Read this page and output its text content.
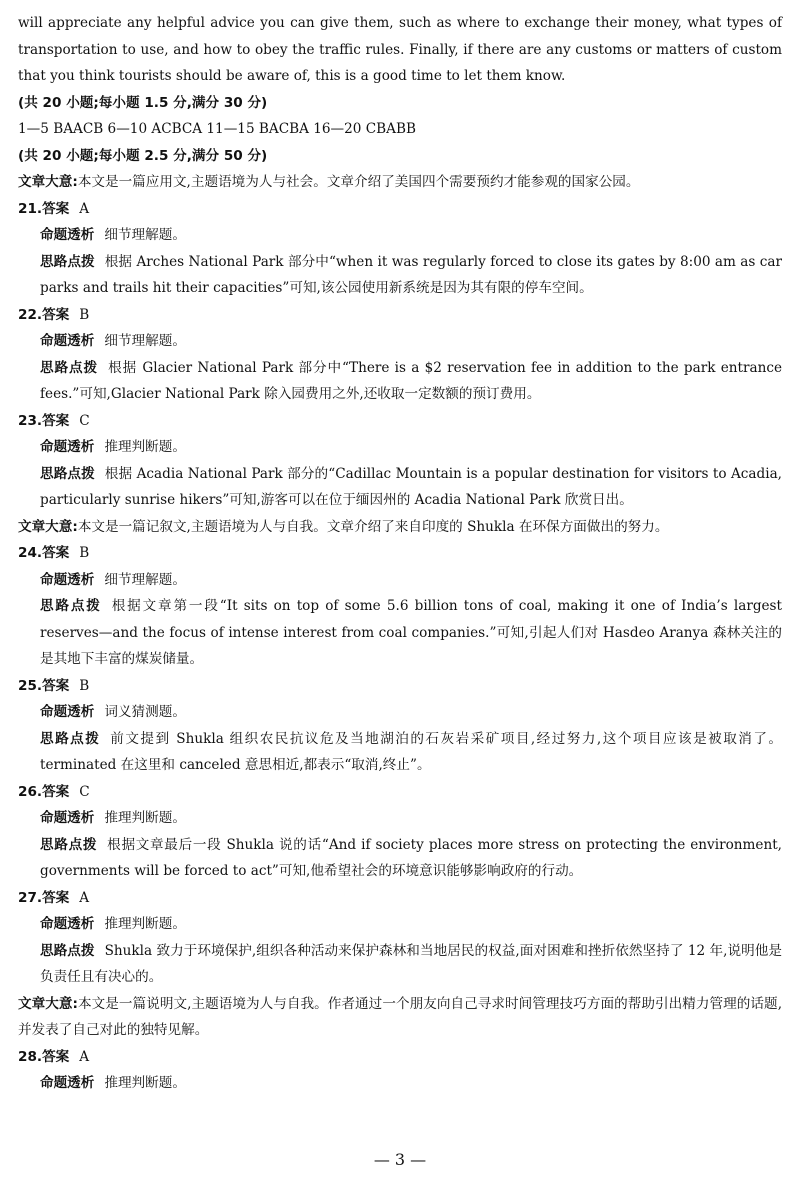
will appreciate any helpful advice you can give them, such as where to exchange their money, what types of transportation to use, and how to obey the traffic rules. Finally, if there are any customs or matters of custom that you think tourists should be aware of, this is a good time to let them know.

(共 20 小题;每小题 1.5 分,满分 30 分)

1—5 BAACB 6—10 ACBCA 11—15 BACBA 16—20 CBABB

(共 20 小题;每小题 2.5 分,满分 50 分)

文章大意:本文是一篇应用文,主题语境为人与社会。文章介绍了美国四个需要预约才能参观的国家公园。

21.答案 A

命题透析 细节理解题。

思路点拨 根据 Arches National Park 部分中“when it was regularly forced to close its gates by 8:00 am as car parks and trails hit their capacities”可知,该公园使用新系统是因为其有限的停车空间。

22.答案 B

命题透析 细节理解题。

思路点拨 根据 Glacier National Park 部分中“There is a $2 reservation fee in addition to the park entrance fees.”可知,Glacier National Park 除入园费用之外,还收取一定数额的预订费用。

23.答案 C

命题透析 推理判断题。

思路点拨 根据 Acadia National Park 部分的“Cadillac Mountain is a popular destination for visitors to Acadia, particularly sunrise hikers”可知,游客可以在位于缅因州的 Acadia National Park 欣赏日出。

文章大意:本文是一篇记叙文,主题语境为人与自我。文章介绍了来自印度的 Shukla 在环保方面做出的努力。

24.答案 B

命题透析 细节理解题。

思路点拨 根据文章第一段“It sits on top of some 5.6 billion tons of coal, making it one of India’s largest reserves—and the focus of intense interest from coal companies.”可知,引起人们对 Hasdeo Aranya 森林关注的是其地下丰富的煤炭储量。

25.答案 B

命题透析 词义猜测题。

思路点拨 前文提到 Shukla 组织农民抗议危及当地湖泊的石灰岩采矿项目,经过努力,这个项目应该是被取消了。terminated 在这里和 canceled 意思相近,都表示“取消,终止”。

26.答案 C

命题透析 推理判断题。

思路点拨 根据文章最后一段 Shukla 说的话“And if society places more stress on protecting the environment, governments will be forced to act”可知,他希望社会的环境意识能够影响政府的行动。

27.答案 A

命题透析 推理判断题。

思路点拨 Shukla 致力于环境保护,组织各种活动来保护森林和当地居民的权益,面对困难和挫折依然坚持了 12 年,说明他是负责任且有决心的。

文章大意:本文是一篇说明文,主题语境为人与自我。作者通过一个朋友向自己寻求时间管理技巧方面的帮助引出精力管理的话题,并发表了自己对此的独特见解。

28.答案 A

命题透析 推理判断题。

— 3 —
